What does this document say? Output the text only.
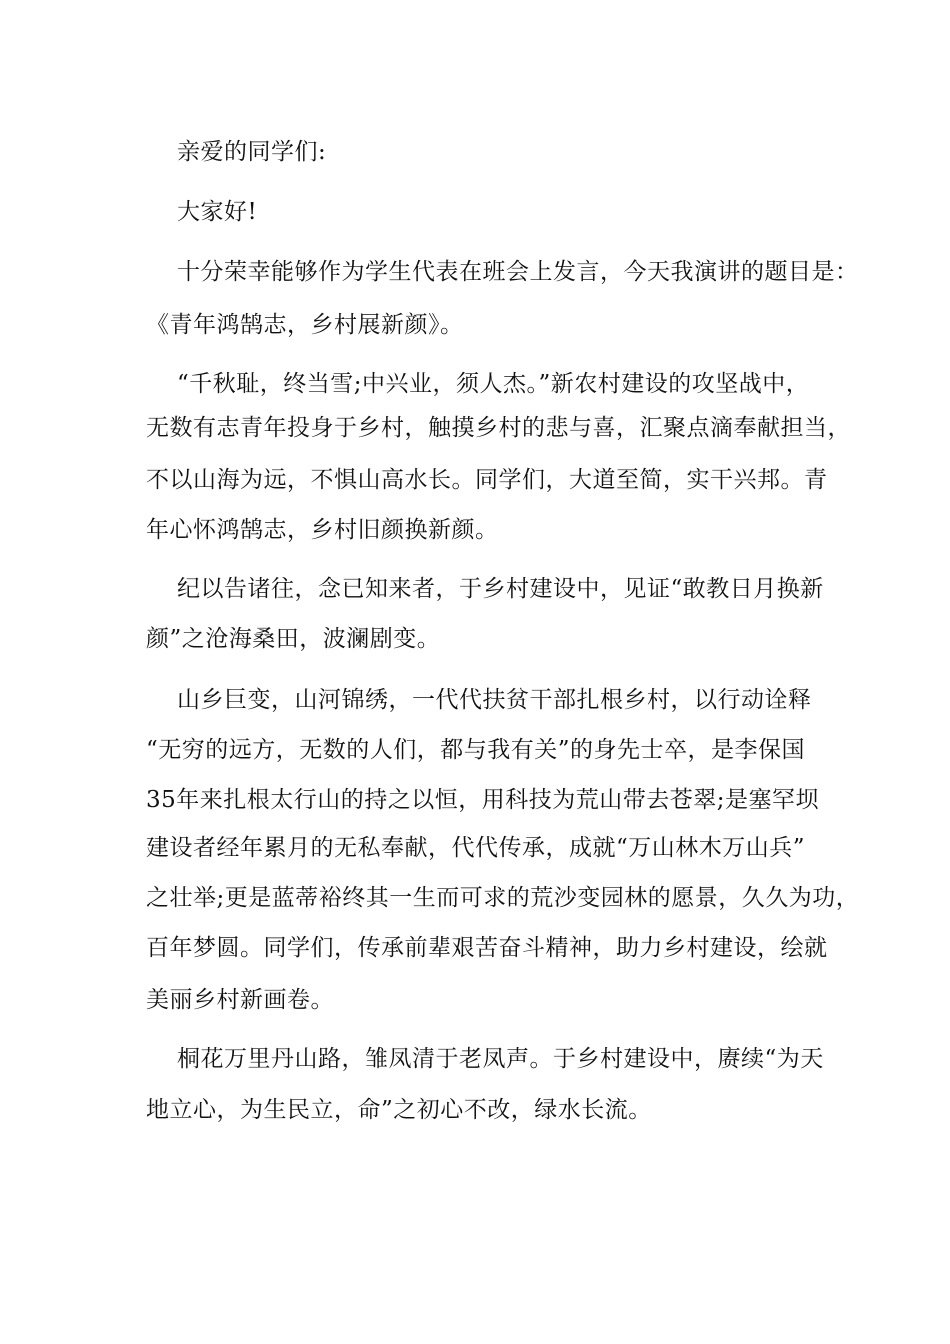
亲爱的同学们:

大家好!

十分荣幸能够作为学生代表在班会上发言，今天我演讲的题目是：

《青年鸿鹄志，乡村展新颜》。

“千秋耻，终当雪;中兴业，须人杰。”新农村建设的攻坚战中，

无数有志青年投身于乡村，触摸乡村的悲与喜，汇聚点滴奉献担当，

不以山海为远，不惧山高水长。同学们，大道至简，实干兴邦。青

年心怀鸿鹄志，乡村旧颜换新颜。

纪以告诸往，念已知来者，于乡村建设中，见证“敢教日月换新

颜”之沧海桑田，波澜剧变。

山乡巨变，山河锦绣，一代代扶贫干部扎根乡村，以行动诠释

“无穷的远方，无数的人们，都与我有关”的身先士卒，是李保国

35年来扎根太行山的持之以恒，用科技为荒山带去苍翠;是塞罕坝

建设者经年累月的无私奉献，代代传承，成就“万山林木万山兵”

之壮举;更是蓝蒂裕终其一生而可求的荒沙变园林的愿景，久久为功，

百年梦圆。同学们，传承前辈艰苦奋斗精神，助力乡村建设，绘就

美丽乡村新画卷。

桐花万里丹山路，雏凤清于老凤声。于乡村建设中，赓续“为天

地立心，为生民立，命”之初心不改，绿水长流。
